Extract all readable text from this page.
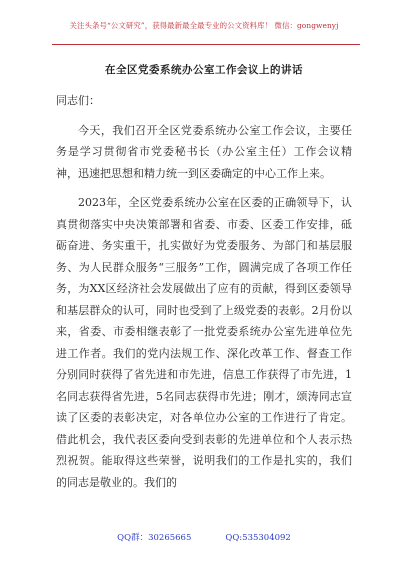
关注头条号“公文研究”，获得最新最全最专业的公文资料库！ 微信：gongwenyj
在全区党委系统办公室工作会议上的讲话

同志们：

今天，我们召开全区党委系统办公室工作会议，主要任务是学习贯彻省市党委秘书长（办公室主任）工作会议精神，迅速把思想和精力统一到区委确定的中心工作上来。

2023年，全区党委系统办公室在区委的正确领导下，认真贯彻落实中央决策部署和省委、市委、区委工作安排，砥砺奋进、务实重干，扎实做好为党委服务、为部门和基层服务、为人民群众服务“三服务”工作，圆满完成了各项工作任务，为XX区经济社会发展做出了应有的贡献，得到区委领导和基层群众的认可，同时也受到了上级党委的表彰。2月份以来，省委、市委相继表彰了一批党委系统办公室先进单位先进工作者。我们的党内法规工作、深化改革工作、督查工作分别同时获得了省先进和市先进，信息工作获得了市先进，1名同志获得省先进，5名同志获得市先进；刚才，颂涛同志宣读了区委的表彰决定，对各单位办公室的工作进行了肯定。借此机会，我代表区委向受到表彰的先进单位和个人表示热烈祝贺。能取得这些荣誉，说明我们的工作是扎实的，我们的同志是敬业的。我们的

QQ群：30265665	QQ:535304092
